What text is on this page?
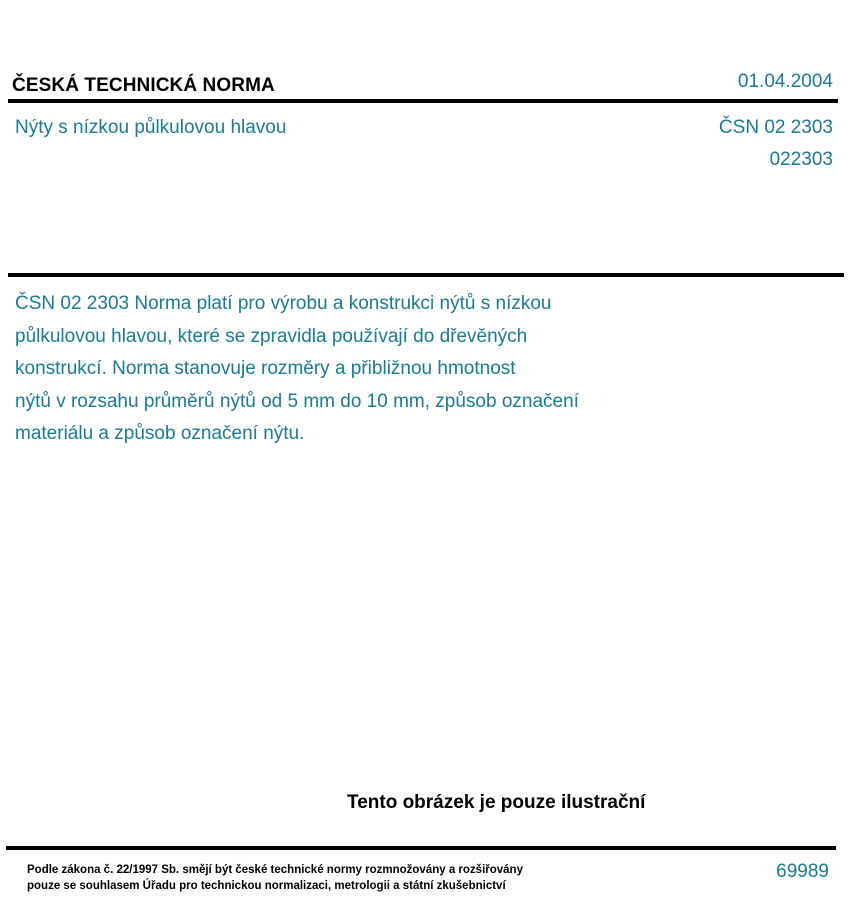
ČESKÁ TECHNICKÁ NORMA	01.04.2004
Nýty s nízkou půlkulovou hlavou	ČSN 02 2303
022303
ČSN 02 2303 Norma platí pro výrobu a konstrukci nýtů s nízkou
půlkulovou hlavou, které se zpravidla používají do dřevěných
konstrukcí. Norma stanovuje rozměry a přibližnou hmotnost
nýtů v rozsahu průměrů nýtů od 5 mm do 10 mm, způsob označení
materiálu a způsob označení nýtu.
Tento obrázek je pouze ilustrační
Podle zákona č. 22/1997 Sb. smějí být české technické normy rozmnožovány a rozšiřovány
pouze se souhlasem Úřadu pro technickou normalizaci, metrologii a státní zkušebnictví
69989
